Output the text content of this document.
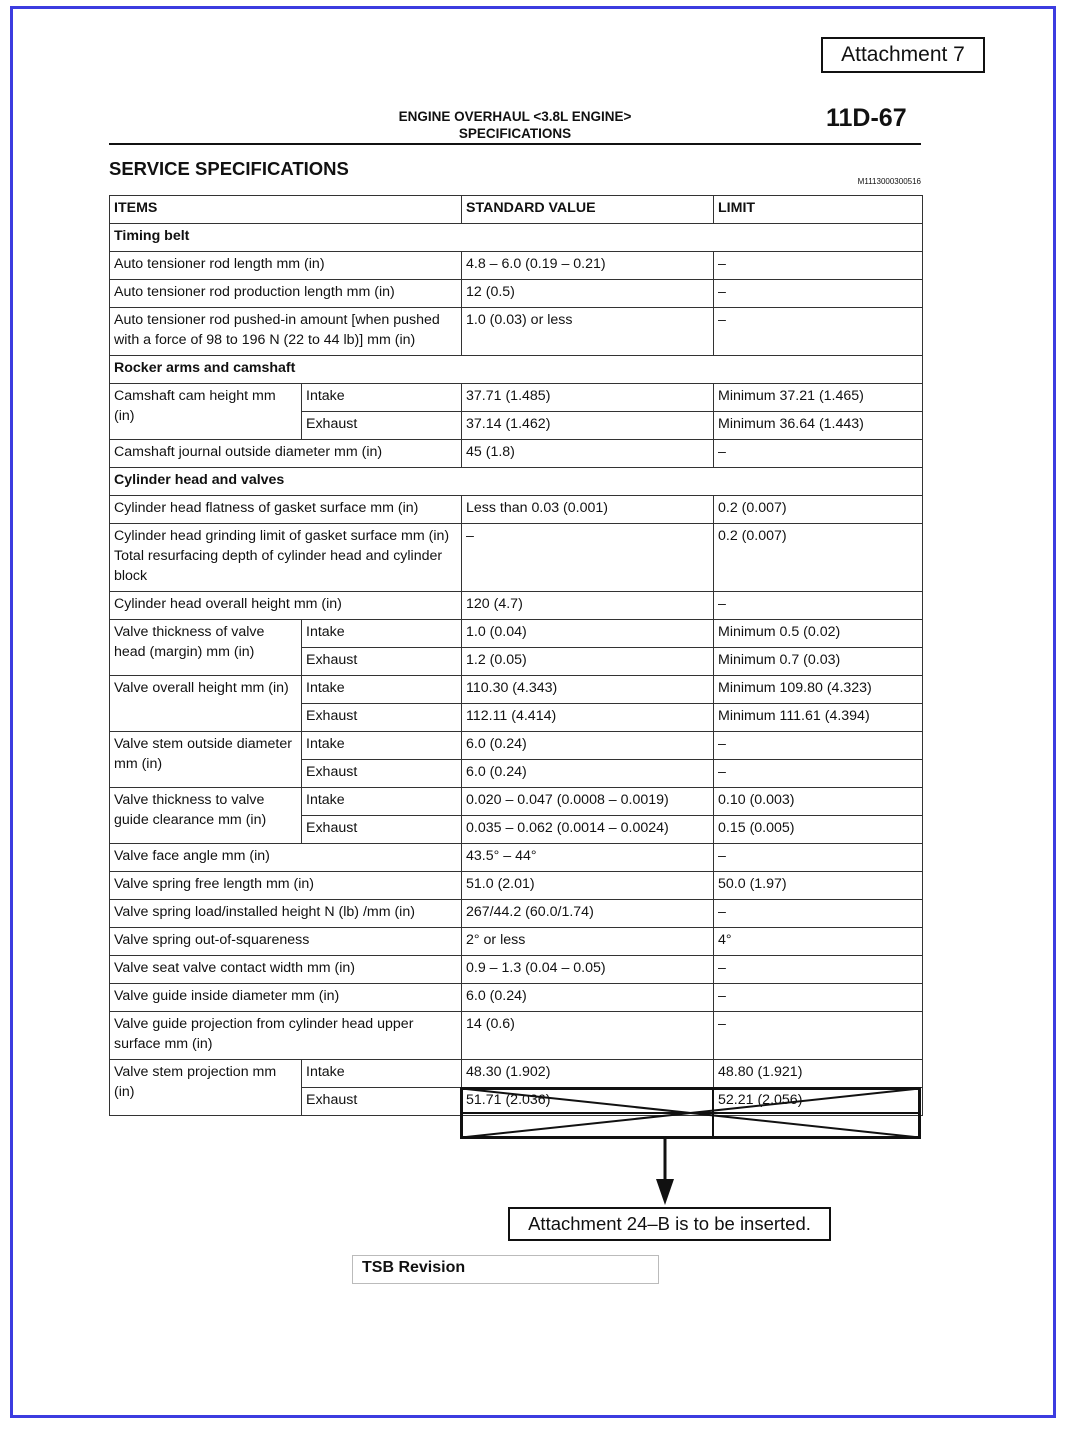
Attachment 7
ENGINE OVERHAUL <3.8L ENGINE>
SPECIFICATIONS
11D-67
SERVICE SPECIFICATIONS
M1113000300516
ITEMS		STANDARD VALUE	LIMIT
Timing belt			
Auto tensioner rod length mm (in)		4.8 – 6.0 (0.19 – 0.21)	–
Auto tensioner rod production length mm (in)		12 (0.5)	–
Auto tensioner rod pushed-in amount [when pushed with a force of 98 to 196 N (22 to 44 lb)] mm (in)		1.0 (0.03) or less	–
Rocker arms and camshaft			
Camshaft cam height mm (in)	Intake	37.71 (1.485)	Minimum 37.21 (1.465)
	Exhaust	37.14 (1.462)	Minimum 36.64 (1.443)
Camshaft journal outside diameter mm (in)		45 (1.8)	–
Cylinder head and valves			
Cylinder head flatness of gasket surface mm (in)		Less than 0.03 (0.001)	0.2 (0.007)
Cylinder head grinding limit of gasket surface mm (in) Total resurfacing depth of cylinder head and cylinder block		–	0.2 (0.007)
Cylinder head overall height mm (in)		120 (4.7)	–
Valve thickness of valve head (margin) mm (in)	Intake	1.0 (0.04)	Minimum 0.5 (0.02)
	Exhaust	1.2 (0.05)	Minimum 0.7 (0.03)
Valve overall height mm (in)	Intake	110.30 (4.343)	Minimum 109.80 (4.323)
	Exhaust	112.11 (4.414)	Minimum 111.61 (4.394)
Valve stem outside diameter mm (in)	Intake	6.0 (0.24)	–
	Exhaust	6.0 (0.24)	–
Valve thickness to valve guide clearance mm (in)	Intake	0.020 – 0.047 (0.0008 – 0.0019)	0.10 (0.003)
	Exhaust	0.035 – 0.062 (0.0014 – 0.0024)	0.15 (0.005)
Valve face angle mm (in)		43.5° – 44°	–
Valve spring free length mm (in)		51.0 (2.01)	50.0 (1.97)
Valve spring load/installed height N (lb) /mm (in)		267/44.2 (60.0/1.74)	–
Valve spring out-of-squareness		2° or less	4°
Valve seat valve contact width mm (in)		0.9 – 1.3 (0.04 – 0.05)	–
Valve guide inside diameter mm (in)		6.0 (0.24)	–
Valve guide projection from cylinder head upper surface mm (in)		14 (0.6)	–
Valve stem projection mm (in)	Intake	48.30 (1.902)	48.80 (1.921)
	Exhaust	51.71 (2.036)	52.21 (2.056)
Attachment 24–B is to be inserted.
TSB Revision
